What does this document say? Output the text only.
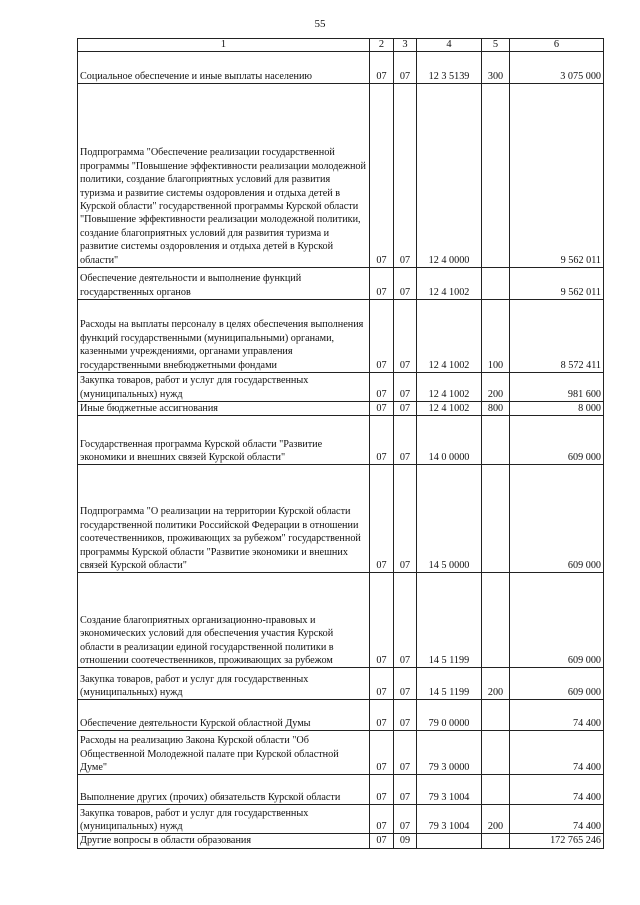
55
1	2	3	4	5	6
Социальное обеспечение и иные выплаты населению	07	07	12 3 5139	300	3 075 000
Подпрограмма "Обеспечение реализации государственной программы "Повышение эффективности реализации молодежной политики, создание благоприятных условий для развития туризма и развитие системы оздоровления и отдыха детей в Курской области" государственной программы Курской области "Повышение эффективности реализации молодежной политики, создание благоприятных условий для развития туризма и развитие системы оздоровления и отдыха детей в Курской области"	07	07	12 4 0000		9 562 011
Обеспечение деятельности и выполнение функций государственных органов	07	07	12 4 1002		9 562 011
Расходы на выплаты персоналу в целях обеспечения выполнения функций государственными (муниципальными) органами, казенными учреждениями, органами управления государственными внебюджетными фондами	07	07	12 4 1002	100	8 572 411
Закупка товаров, работ и услуг для государственных (муниципальных) нужд	07	07	12 4 1002	200	981 600
Иные бюджетные ассигнования	07	07	12 4 1002	800	8 000
Государственная программа Курской области "Развитие экономики и внешних связей Курской области"	07	07	14 0 0000		609 000
Подпрограмма "О реализации на территории Курской области государственной политики Российской Федерации в отношении соотечественников, проживающих за рубежом" государственной программы Курской области "Развитие экономики и внешних связей Курской области"	07	07	14 5 0000		609 000
Создание благоприятных организационно-правовых и экономических условий для обеспечения участия Курской области в реализации единой государственной политики в отношении соотечественников, проживающих за рубежом	07	07	14 5 1199		609 000
Закупка товаров, работ и услуг для государственных (муниципальных) нужд	07	07	14 5 1199	200	609 000
Обеспечение деятельности Курской областной Думы	07	07	79 0 0000		74 400
Расходы на реализацию Закона Курской области "Об Общественной Молодежной палате при Курской областной Думе"	07	07	79 3 0000		74 400
Выполнение других (прочих) обязательств Курской области	07	07	79 3 1004		74 400
Закупка товаров, работ и услуг для государственных (муниципальных) нужд	07	07	79 3 1004	200	74 400
Другие вопросы в области образования	07	09			172 765 246
